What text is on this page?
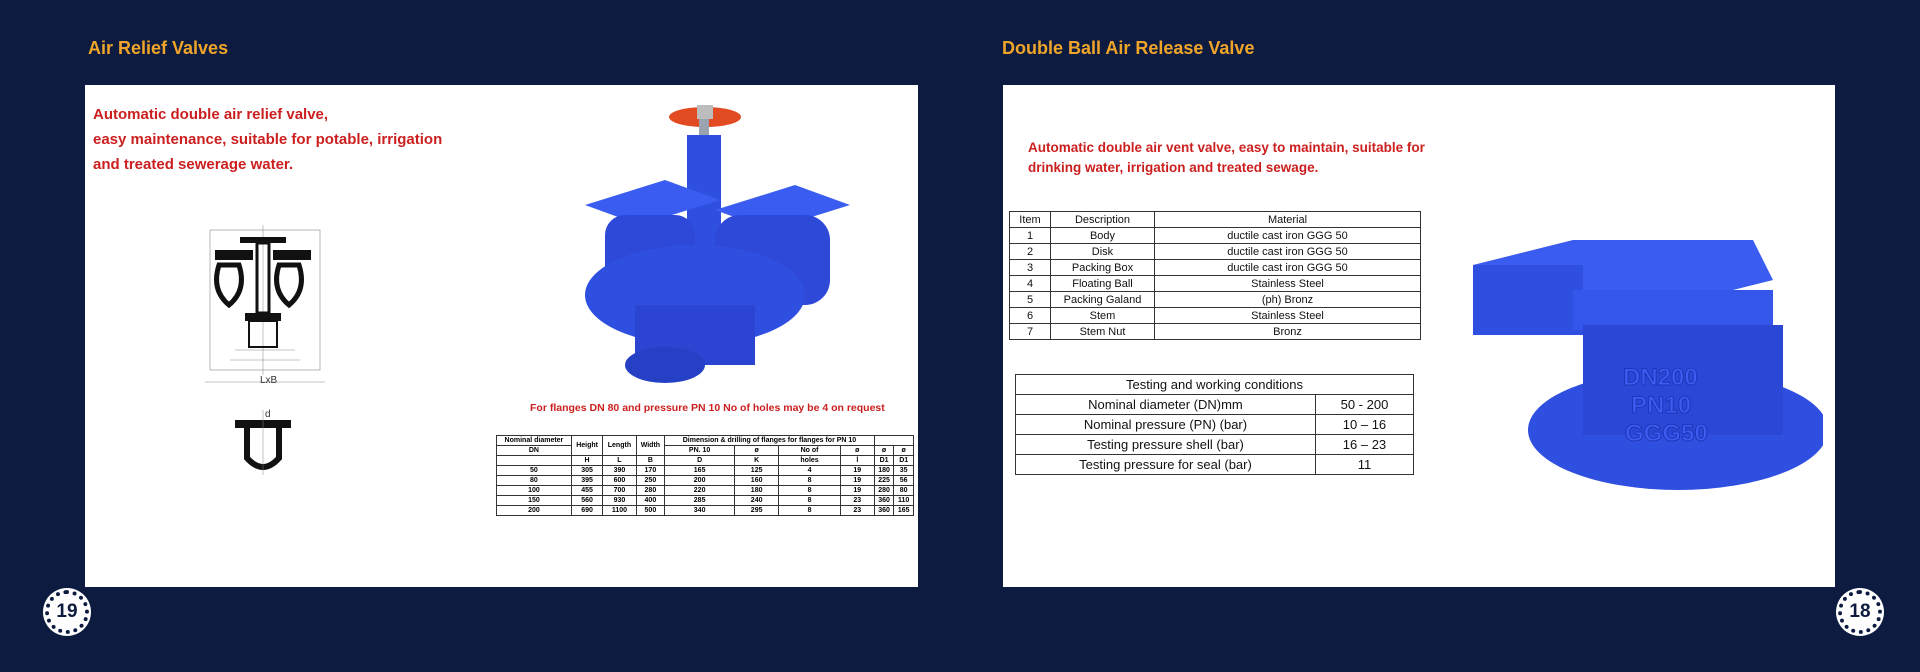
Air Relief Valves
Automatic double air relief valve,
easy maintenance, suitable for potable, irrigation
and treated sewerage water.
LxB
d
For flanges DN 80 and pressure PN 10 No of holes may be 4 on request
Nominal diameter	Height	Length	Width	Dimension & drilling of flanges for flanges for PN 10					
DN				PN. 10	ø	No of	ø	ø	ø
	H	L	B	D	K	holes	l	D1	D1
50	305	390	170	165	125	4	19	180	35
80	395	600	250	200	160	8	19	225	56
100	455	700	280	220	180	8	19	280	80
150	560	930	400	285	240	8	23	360	110
200	690	1100	500	340	295	8	23	360	165
19
Double Ball Air Release Valve
Automatic double air vent valve, easy to maintain, suitable for
drinking water, irrigation and treated sewage.
Item	Description	Material
1	Body	ductile cast iron GGG 50
2	Disk	ductile cast iron GGG 50
3	Packing Box	ductile cast iron GGG 50
4	Floating Ball	Stainless Steel
5	Packing Galand	(ph) Bronz
6	Stem	Stainless Steel
7	Stem Nut	Bronz
Testing and working conditions	
Nominal diameter (DN)mm	50 - 200
Nominal pressure (PN) (bar)	10 – 16
Testing pressure shell (bar)	16 – 23
Testing pressure for seal (bar)	11
DN200
PN10
GGG50
18
